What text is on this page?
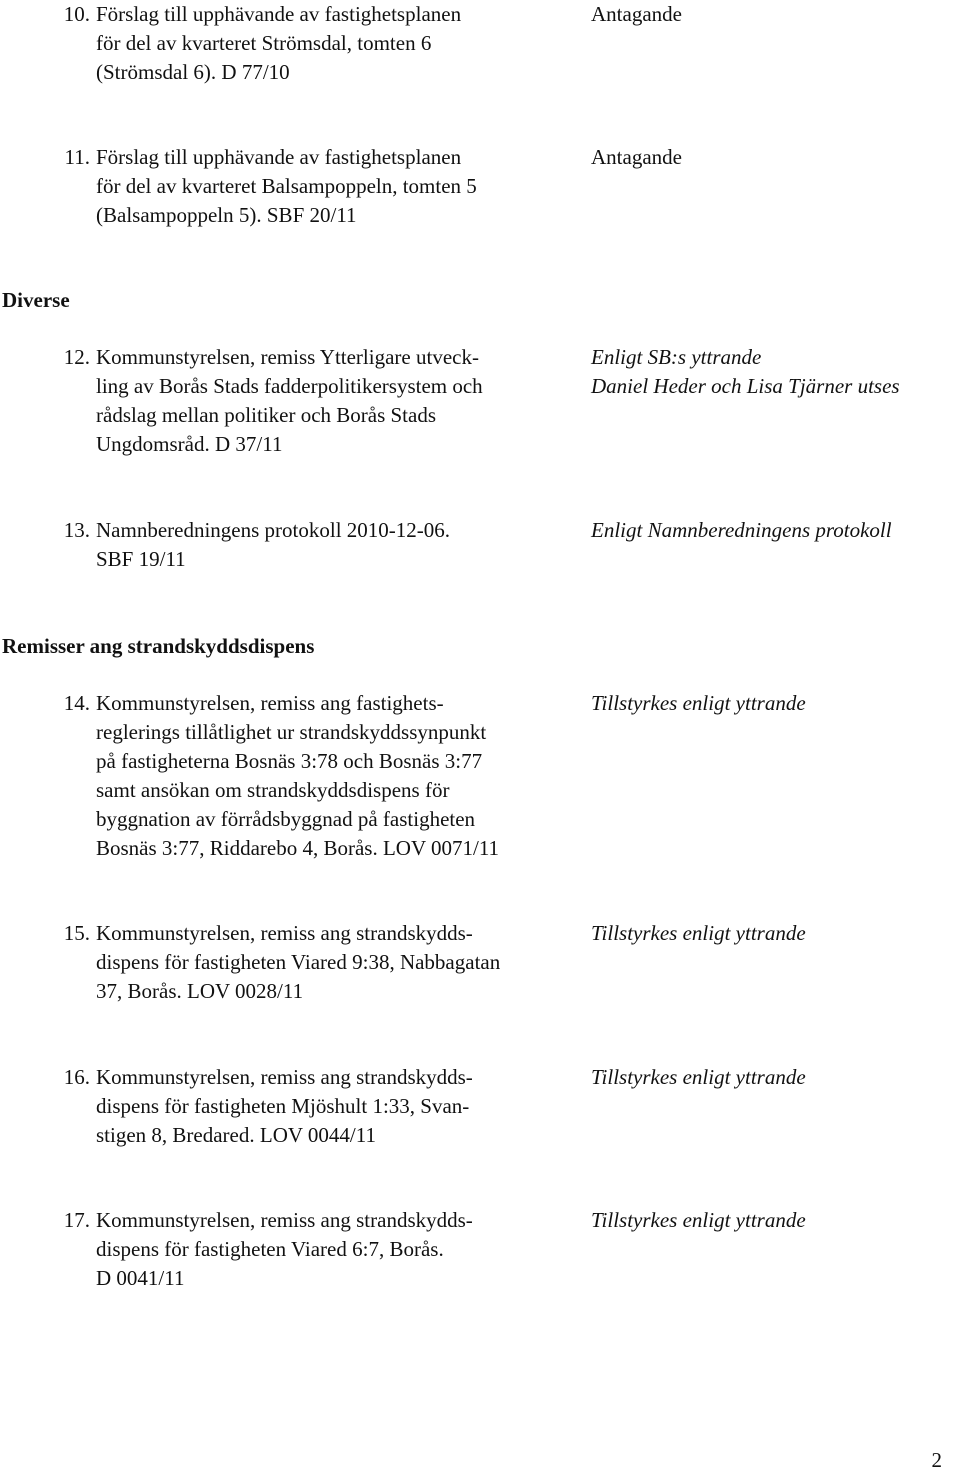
10. Förslag till upphävande av fastighetsplanen
för del av kvarteret Strömsdal, tomten 6
(Strömsdal 6). D 77/10
Antagande
11. Förslag till upphävande av fastighetsplanen
för del av kvarteret Balsampoppeln, tomten 5
(Balsampoppeln 5). SBF 20/11
Antagande
Diverse
12. Kommunstyrelsen, remiss Ytterligare utveck-
ling av Borås Stads fadderpolitikersystem och
rådslag mellan politiker och Borås Stads
Ungdomsråd. D 37/11
Enligt SB:s yttrande
Daniel Heder och Lisa Tjärner utses
13. Namnberedningens protokoll 2010-12-06.
SBF 19/11
Enligt Namnberedningens protokoll
Remisser ang strandskyddsdispens
14. Kommunstyrelsen, remiss ang fastighets-
reglerings tillåtlighet ur strandskyddssynpunkt
på fastigheterna Bosnäs 3:78 och Bosnäs 3:77
samt ansökan om strandskyddsdispens för
byggnation av förrådsbyggnad på fastigheten
Bosnäs 3:77, Riddarebo 4, Borås. LOV 0071/11
Tillstyrkes enligt yttrande
15. Kommunstyrelsen, remiss ang strandskydds-
dispens för fastigheten Viared 9:38, Nabbagatan
37, Borås. LOV 0028/11
Tillstyrkes enligt yttrande
16. Kommunstyrelsen, remiss ang strandskydds-
dispens för fastigheten Mjöshult 1:33, Svan-
stigen 8, Bredared. LOV 0044/11
Tillstyrkes enligt yttrande
17. Kommunstyrelsen, remiss ang strandskydds-
dispens för fastigheten Viared 6:7, Borås.
D 0041/11
Tillstyrkes enligt yttrande
2
